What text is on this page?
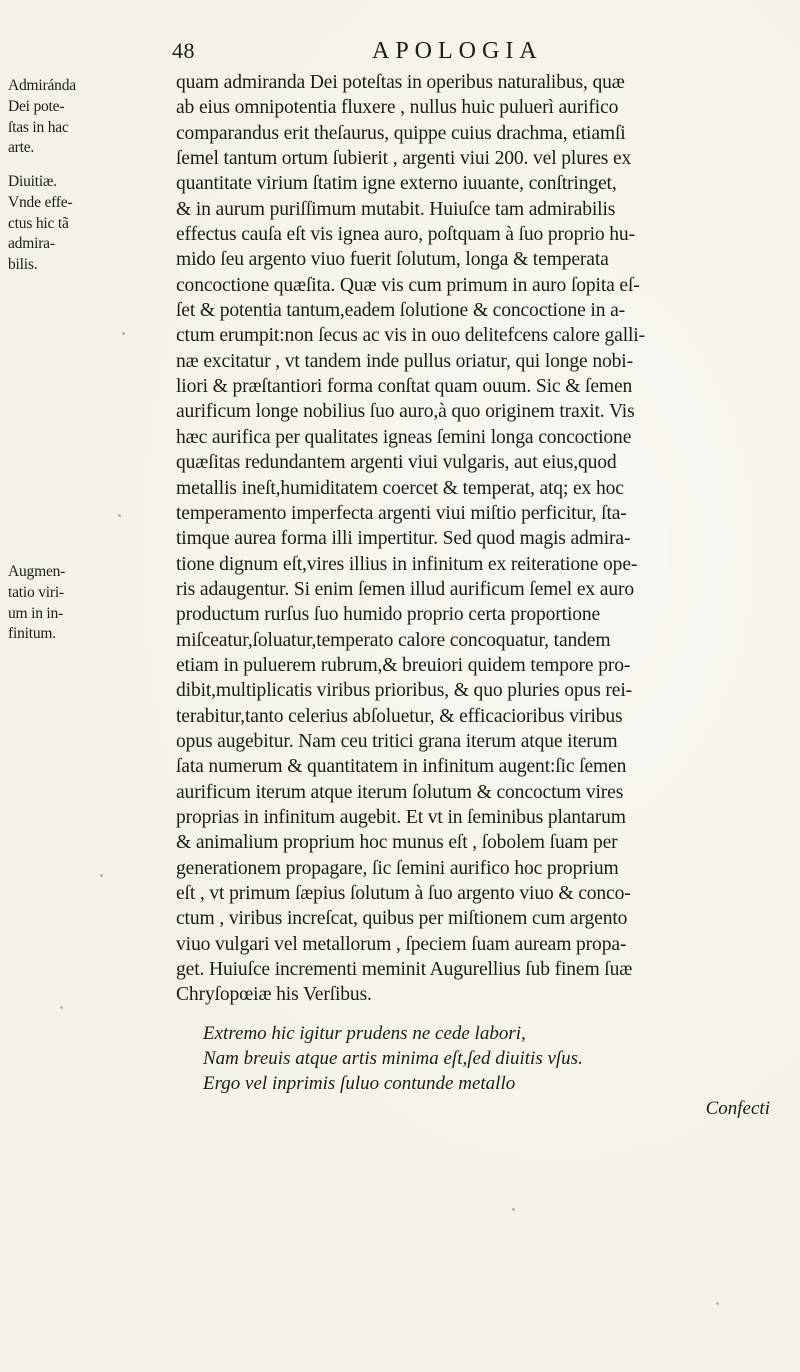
48	APOLOGIA
Admiránda
Dei pote-
ſtas in hac
arte.
Diuitiæ.
Vnde effe-
ctus hic tã
admira-
bilis.
Augmen-
tatio viri-
um in in-
finitum.
quam admiranda Dei poteſtas in operibus naturalibus, quæ
ab eius omnipotentia fluxere , nullus huic puluerì aurifico
comparandus erit theſaurus, quippe cuius drachma, etiamſi
ſemel tantum ortum ſubierit , argenti viui 200. vel plures ex
quantitate virium ſtatim igne externo iuuante, conſtringet,
& in aurum puriſſimum mutabit. Huiuſce tam admirabilis
effectus cauſa eſt vis ignea auro, poſtquam à ſuo proprio hu-
mido ſeu argento viuo fuerit ſolutum, longa & temperata
concoctione quæſita. Quæ vis cum primum in auro ſopita eſ-
ſet & potentia tantum,eadem ſolutione & concoctione in a-
ctum erumpit:non ſecus ac vis in ouo delitefcens calore galli-
næ excitatur , vt tandem inde pullus oriatur, qui longe nobi-
liori & præſtantiori forma conſtat quam ouum. Sic & ſemen
aurificum longe nobilius ſuo auro,à quo originem traxit. Vis
hæc aurifica per qualitates igneas ſemini longa concoctione
quæſitas redundantem argenti viui vulgaris, aut eius,quod
metallis ineſt,humiditatem coercet & temperat, atq; ex hoc
temperamento imperfecta argenti viui miſtio perficitur, ſta-
timque aurea forma illi impertitur. Sed quod magis admira-
tione dignum eſt,vires illius in infinitum ex reiteratione ope-
ris adaugentur. Si enim ſemen illud aurificum ſemel ex auro
productum rurſus ſuo humido proprio certa proportione
miſceatur,ſoluatur,temperato calore concoquatur, tandem
etiam in puluerem rubrum,& breuiori quidem tempore pro-
dibit,multiplicatis viribus prioribus, & quo pluries opus rei-
terabitur,tanto celerius abſoluetur, & efficacioribus viribus
opus augebitur. Nam ceu tritici grana iterum atque iterum
ſata numerum & quantitatem in infinitum augent:ſic ſemen
aurificum iterum atque iterum ſolutum & concoctum vires
proprias in infinitum augebit. Et vt in ſeminibus plantarum
& animalium proprium hoc munus eſt , ſobolem ſuam per
generationem propagare, ſic ſemini aurifico hoc proprium
eſt , vt primum ſæpius ſolutum à ſuo argento viuo & conco-
ctum , viribus increſcat, quibus per miſtionem cum argento
viuo vulgari vel metallorum , ſpeciem ſuam auream propa-
get. Huiuſce incrementi meminit Augurellius ſub finem ſuæ
Chryſopœiæ his Verſibus.
Extremo hic igitur prudens ne cede labori,
Nam breuis atque artis minima eſt,ſed diuitis vſus.
Ergo vel inprimis ſuluo contunde metallo
Confecti
